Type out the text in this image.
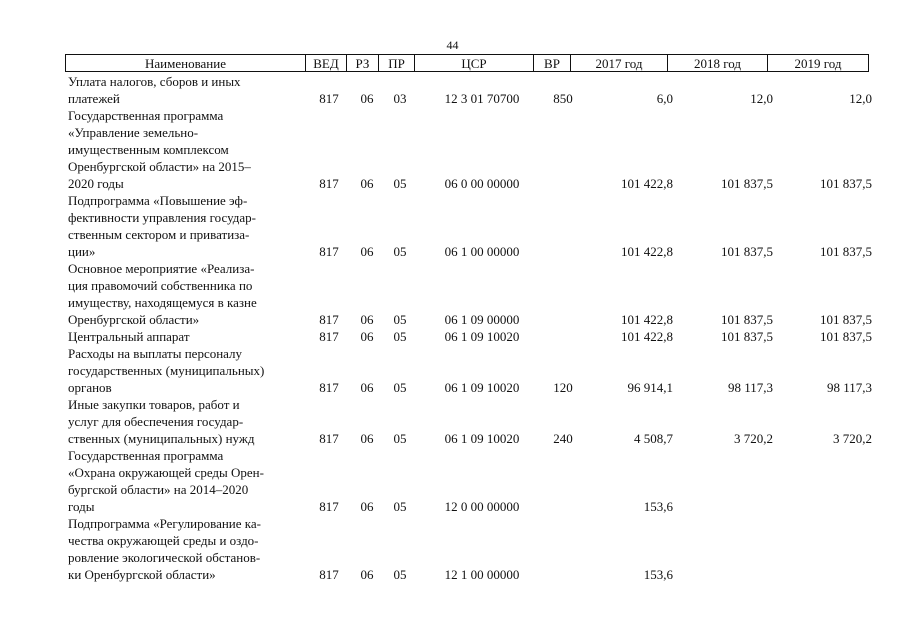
44
Наименование	ВЕД	РЗ	ПР	ЦСР	ВР	2017 год	2018 год	2019 год
Уплата налогов, сборов и иных
платежей	817	06	03	12 3 01 70700	850	6,0	12,0	12,0
Государственная программа
«Управление земельно-
имущественным комплексом
Оренбургской области» на 2015–
2020 годы	817	06	05	06 0 00 00000	101 422,8	101 837,5	101 837,5
Подпрограмма «Повышение эф-
фективности управления государ-
ственным сектором и приватиза-
ции»	817	06	05	06 1 00 00000	101 422,8	101 837,5	101 837,5
Основное мероприятие «Реализа-
ция правомочий собственника по
имуществу, находящемуся в казне
Оренбургской области»	817	06	05	06 1 09 00000	101 422,8	101 837,5	101 837,5
Центральный аппарат	817	06	05	06 1 09 10020	101 422,8	101 837,5	101 837,5
Расходы на выплаты персоналу
государственных (муниципальных)
органов	817	06	05	06 1 09 10020	120	96 914,1	98 117,3	98 117,3
Иные закупки товаров, работ и
услуг для обеспечения государ-
ственных (муниципальных) нужд	817	06	05	06 1 09 10020	240	4 508,7	3 720,2	3 720,2
Государственная программа
«Охрана окружающей среды Орен-
бургской области» на 2014–2020
годы	817	06	05	12 0 00 00000	153,6
Подпрограмма «Регулирование ка-
чества окружающей среды и оздо-
ровление экологической обстанов-
ки Оренбургской области»	817	06	05	12 1 00 00000	153,6
